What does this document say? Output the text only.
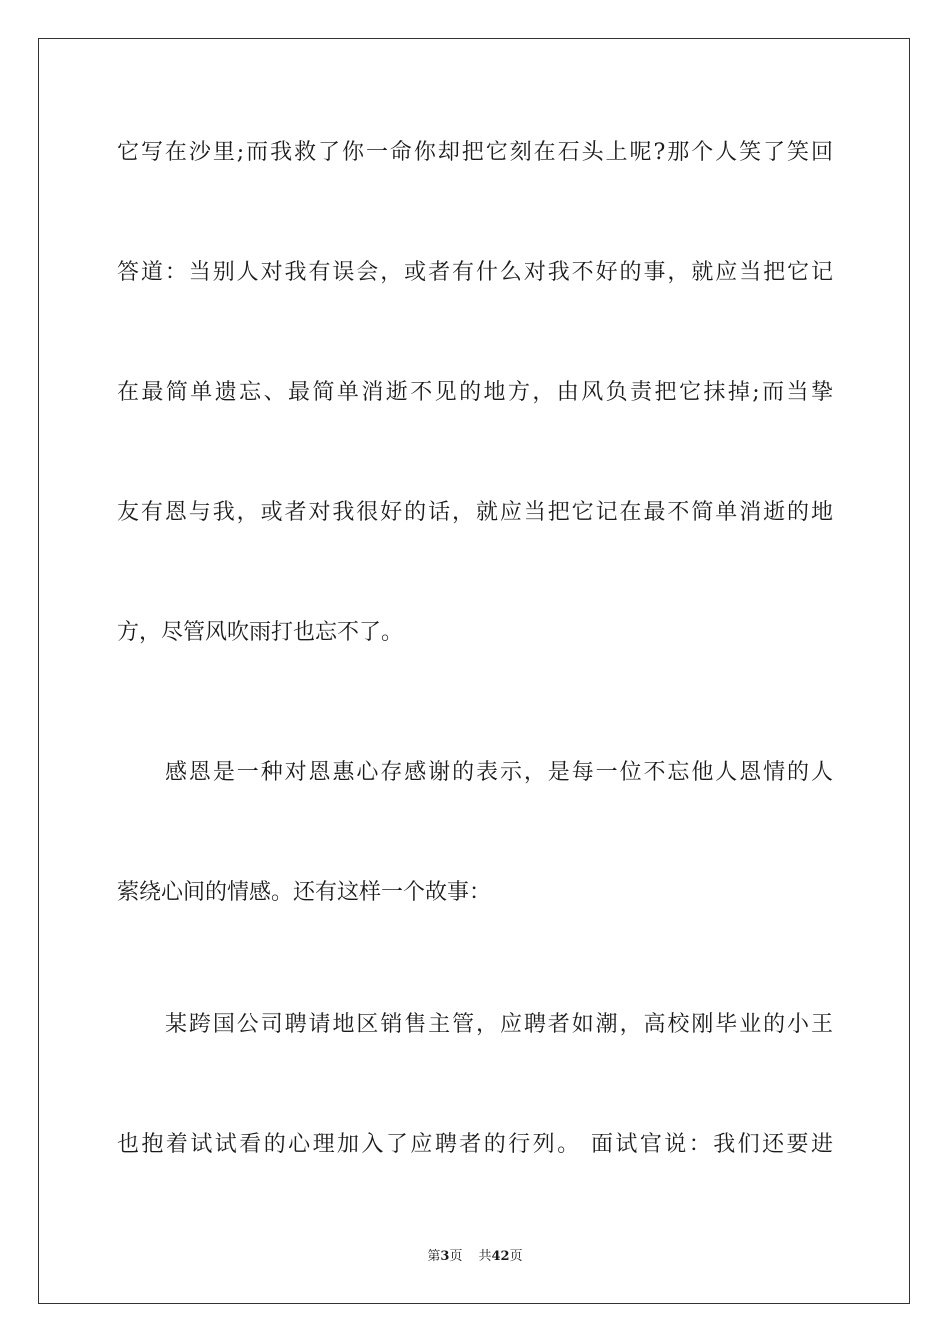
它写在沙里;而我救了你一命你却把它刻在石头上呢?那个人笑了笑回
答道：当别人对我有误会，或者有什么对我不好的事，就应当把它记
在最简单遗忘、最简单消逝不见的地方，由风负责把它抹掉;而当挚
友有恩与我，或者对我很好的话，就应当把它记在最不简单消逝的地
方，尽管风吹雨打也忘不了。
感恩是一种对恩惠心存感谢的表示，是每一位不忘他人恩情的人
萦绕心间的情感。还有这样一个故事：
某跨国公司聘请地区销售主管，应聘者如潮，高校刚毕业的小王
也抱着试试看的心理加入了应聘者的行列。 面试官说：我们还要进
第3页 共42页
